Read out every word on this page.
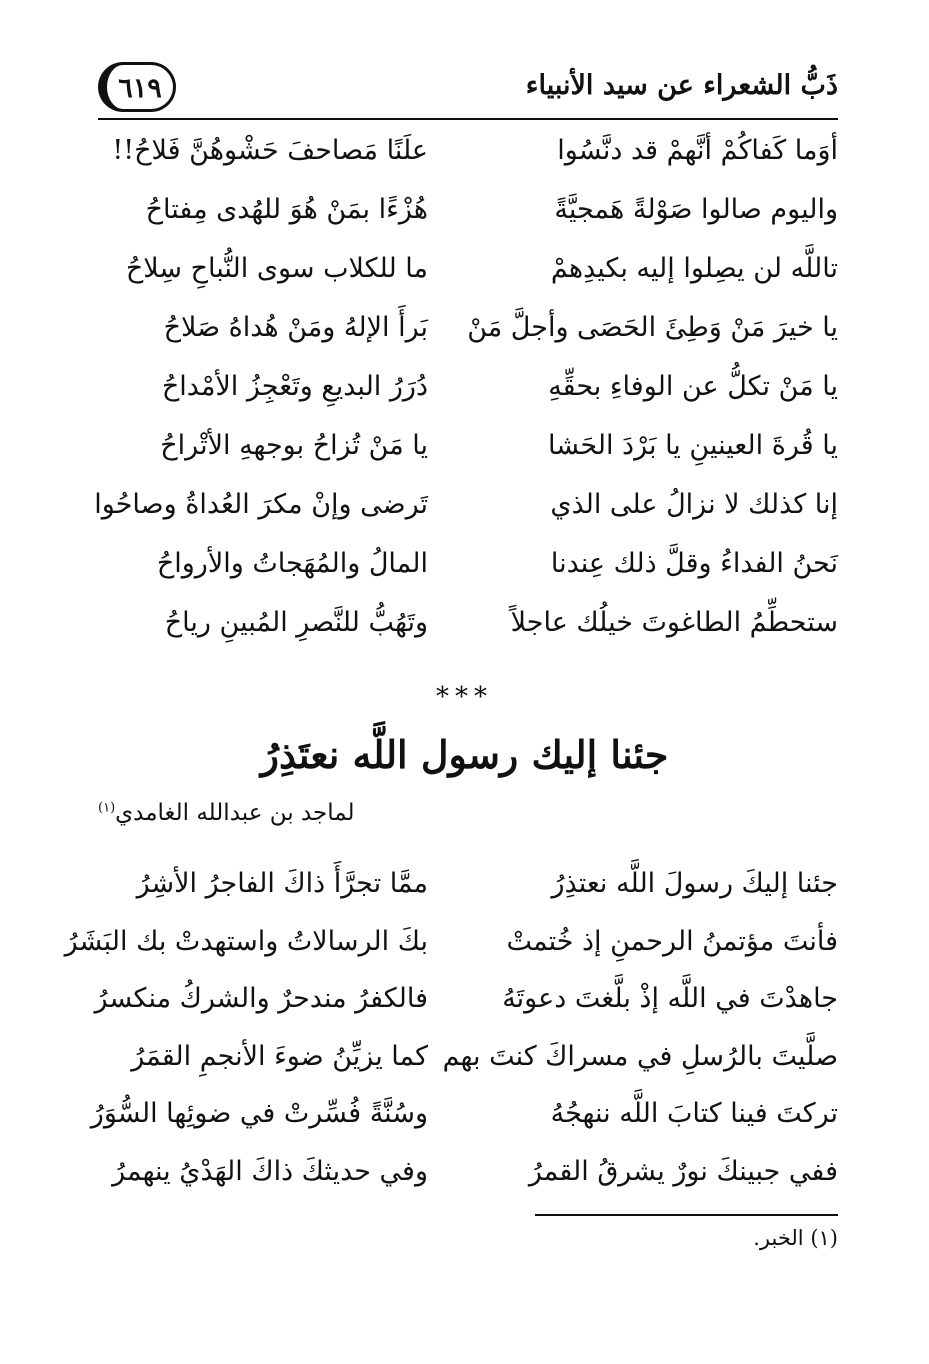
ذَبُّ الشعراء عن سيد الأنبياء
٦١٩
أوَما كَفاكُمْ أنَّهمْ قد دنَّسُوا
علَنًا مَصاحفَ حَشْوهُنَّ فَلاحُ!!
واليوم صالوا صَوْلةً هَمجيَّةً
هُزْءًا بمَنْ هُوَ للهُدى مِفتاحُ
تاللَّه لن يصِلوا إليه بكيدِهمْ
ما للكلاب سوى النُّباحِ سِلاحُ
يا خيرَ مَنْ وَطِئَ الحَصَى وأجلَّ مَنْ
بَرأَ الإلهُ ومَنْ هُداهُ صَلاحُ
يا مَنْ تكلُّ عن الوفاءِ بحقِّهِ
دُرَرُ البديعِ وتَعْجِزُ الأمْداحُ
يا قُرةَ العينينِ يا بَرْدَ الحَشا
يا مَنْ تُزاحُ بوجههِ الأتْراحُ
إنا كذلك لا نزالُ على الذي
تَرضى وإنْ مكرَ العُداةُ وصاحُوا
نَحنُ الفداءُ وقلَّ ذلك عِندنا
المالُ والمُهَجاتُ والأرواحُ
ستحطِّمُ الطاغوتَ خيلُك عاجلاً
وتَهُبُّ للنَّصرِ المُبينِ رياحُ
***
جئنا إليك رسول اللَّه نعتَذِرُ
لماجد بن عبدالله الغامدي$^{(١)}$
جئنا إليكَ رسولَ اللَّه نعتذِرُ
ممَّا تجرَّأَ ذاكَ الفاجرُ الأشِرُ
فأنتَ مؤتمنُ الرحمنِ إذ خُتمتْ
بكَ الرسالاتُ واستهدتْ بك البَشَرُ
جاهدْتَ في اللَّه إذْ بلَّغتَ دعوتَهُ
فالكفرُ مندحرٌ والشركُ منكسرُ
صلَّيتَ بالرُسلِ في مسراكَ كنتَ بهم
كما يزيِّنُ ضوءَ الأنجمِ القمَرُ
تركتَ فينا كتابَ اللَّه ننهجُهُ
وسُنَّةً فُسِّرتْ في ضوئِها السُّوَرُ
ففي جبينكَ نورٌ يشرقُ القمرُ
وفي حديثكَ ذاكَ الهَدْيُ ينهمرُ
(١) الخبر.
